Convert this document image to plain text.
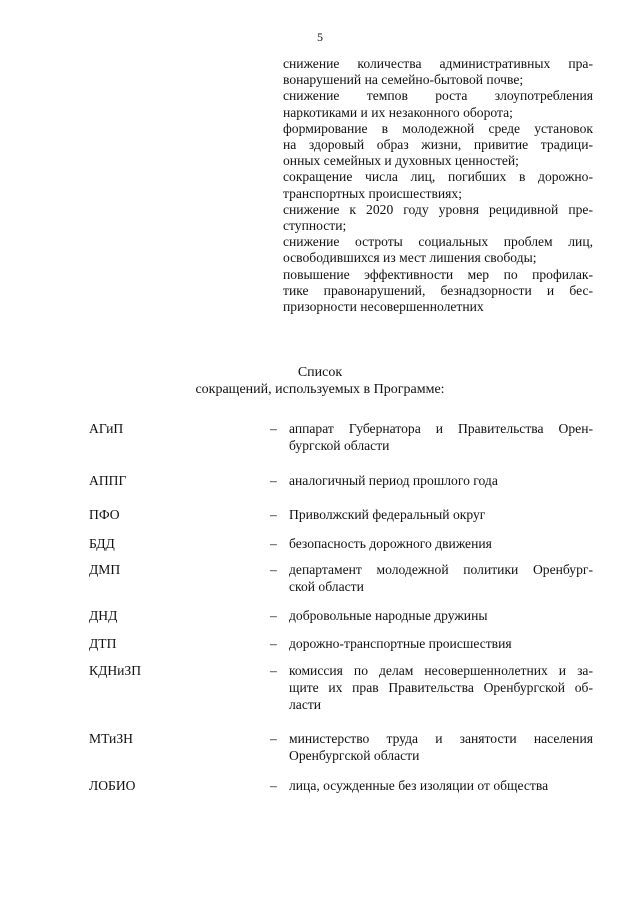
5
снижение количества административных пра-
вонарушений на семейно-бытовой почве;
снижение темпов роста злоупотребления
наркотиками и их незаконного оборота;
формирование в молодежной среде установок
на здоровый образ жизни, привитие традици-
онных семейных и духовных ценностей;
сокращение числа лиц, погибших в дорожно-
транспортных происшествиях;
снижение к 2020 году уровня рецидивной пре-
ступности;
снижение остроты социальных проблем лиц,
освободившихся из мест лишения свободы;
повышение эффективности мер по профилак-
тике правонарушений, безнадзорности и бес-
призорности несовершеннолетних
Список
сокращений, используемых в Программе:
АГиП	– аппарат Губернатора и Правительства Орен-
бургской области
АППГ	– аналогичный период прошлого года
ПФО	– Приволжский федеральный округ
БДД	– безопасность дорожного движения
ДМП	– департамент молодежной политики Оренбург-
ской области
ДНД	– добровольные народные дружины
ДТП	– дорожно-транспортные происшествия
КДНиЗП	– комиссия по делам несовершеннолетних и за-
щите их прав Правительства Оренбургской об-
ласти
МТиЗН	– министерство труда и занятости населения
Оренбургской области
ЛОБИО	– лица, осужденные без изоляции от общества
